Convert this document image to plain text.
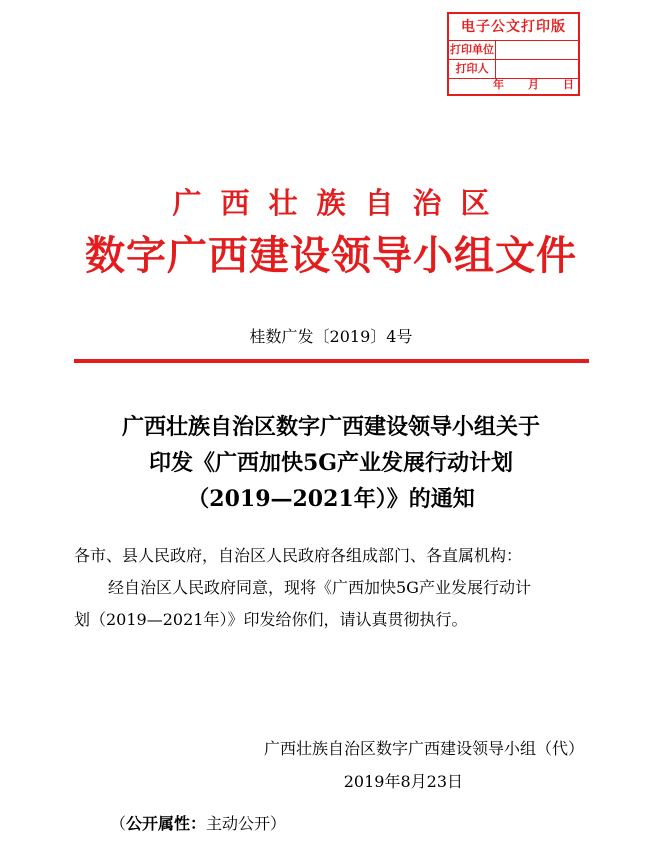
电子公文打印版
打印单位
打印人
年 月 日
广西壮族自治区
数字广西建设领导小组文件
桂数广发〔2019〕4号
广西壮族自治区数字广西建设领导小组关于
印发《广西加快5G产业发展行动计划
（2019—2021年）》的通知
各市、县人民政府，自治区人民政府各组成部门、各直属机构：
经自治区人民政府同意，现将《广西加快5G产业发展行动计
划（2019—2021年）》印发给你们，请认真贯彻执行。
广西壮族自治区数字广西建设领导小组（代）
2019年8月23日
（公开属性：主动公开）
